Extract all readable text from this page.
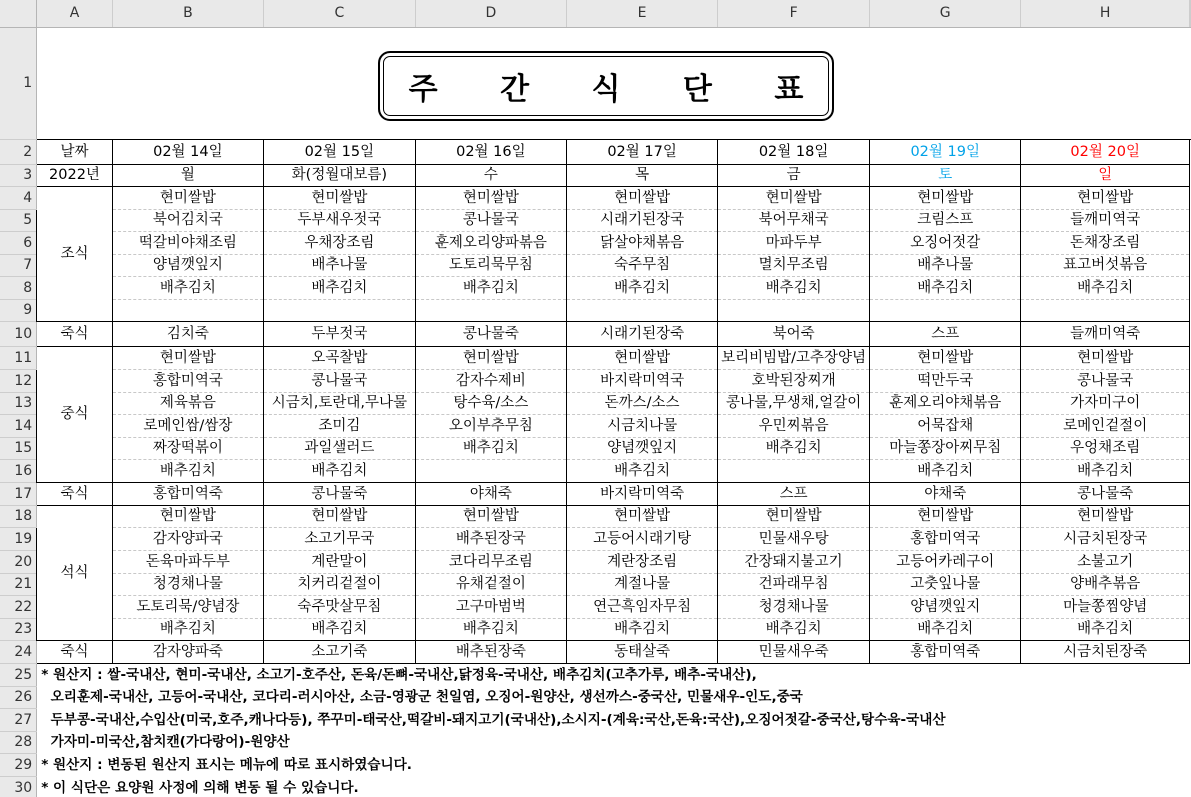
	A	B	C	D	E	F	G	H	
1									
2	날짜	02월 14일	02월 15일	02월 16일	02월 17일	02월 18일	02월 19일	02월 20일	
3	2022년	월	화(정월대보름)	수	목	금	토	일	
4	조식	현미쌀밥	현미쌀밥	현미쌀밥	현미쌀밥	현미쌀밥	현미쌀밥	현미쌀밥	
5		북어김치국	두부새우젓국	콩나물국	시래기된장국	북어무채국	크림스프	들깨미역국	
6		떡갈비야채조림	우채장조림	훈제오리양파볶음	닭살야채볶음	마파두부	오징어젓갈	돈채장조림	
7		양념깻잎지	배추나물	도토리묵무침	숙주무침	멸치무조림	배추나물	표고버섯볶음	
8		배추김치	배추김치	배추김치	배추김치	배추김치	배추김치	배추김치	
9									
10	죽식	김치죽	두부젓국	콩나물죽	시래기된장죽	북어죽	스프	들깨미역죽	
11	중식	현미쌀밥	오곡찰밥	현미쌀밥	현미쌀밥	보리비빔밥/고추장양념	현미쌀밥	현미쌀밥	
12		홍합미역국	콩나물국	감자수제비	바지락미역국	호박된장찌개	떡만두국	콩나물국	
13		제육볶음	시금치,토란대,무나물	탕수육/소스	돈까스/소스	콩나물,무생채,얼갈이	훈제오리야채볶음	가자미구이	
14		로메인쌈/쌈장	조미김	오이부추무침	시금치나물	우민찌볶음	어묵잡채	로메인겉절이	
15		짜장떡볶이	과일샐러드	배추김치	양념깻잎지	배추김치	마늘쫑장아찌무침	우엉채조림	
16		배추김치	배추김치		배추김치		배추김치	배추김치	
17	죽식	홍합미역죽	콩나물죽	야채죽	바지락미역죽	스프	야채죽	콩나물죽	
18	석식	현미쌀밥	현미쌀밥	현미쌀밥	현미쌀밥	현미쌀밥	현미쌀밥	현미쌀밥	
19		감자양파국	소고기무국	배추된장국	고등어시래기탕	민물새우탕	홍합미역국	시금치된장국	
20		돈육마파두부	계란말이	코다리무조림	계란장조림	간장돼지불고기	고등어카레구이	소불고기	
21		청경채나물	치커리겉절이	유채겉절이	계절나물	건파래무침	고춧잎나물	양배추볶음	
22		도토리묵/양념장	숙주맛살무침	고구마범벅	연근흑임자무침	청경채나물	양념깻잎지	마늘쫑찜양념	
23		배추김치	배추김치	배추김치	배추김치	배추김치	배추김치	배추김치	
24	죽식	감자양파죽	소고기죽	배추된장죽	동태살죽	민물새우죽	홍합미역죽	시금치된장죽	
25	* 원산지 : 쌀-국내산, 현미-국내산, 소고기-호주산, 돈육/돈뼈-국내산,닭정육-국내산, 배추김치(고추가루, 배추-국내산),								
26	오리훈제-국내산, 고등어-국내산, 코다리-러시아산, 소금-영광군 천일염, 오징어-원양산, 생선까스-중국산, 민물새우-인도,중국								
27	두부콩-국내산,수입산(미국,호주,캐나다등), 쭈꾸미-태국산,떡갈비-돼지고기(국내산),소시지-(계육:국산,돈육:국산),오징어젓갈-중국산,탕수육-국내산								
28	가자미-미국산,참치캔(가다랑어)-원양산								
29	* 원산지 : 변동된 원산지 표시는 메뉴에 따로 표시하였습니다.								
30	* 이 식단은 요양원 사정에 의해 변동 될 수 있습니다.								
주 간 식 단 표
